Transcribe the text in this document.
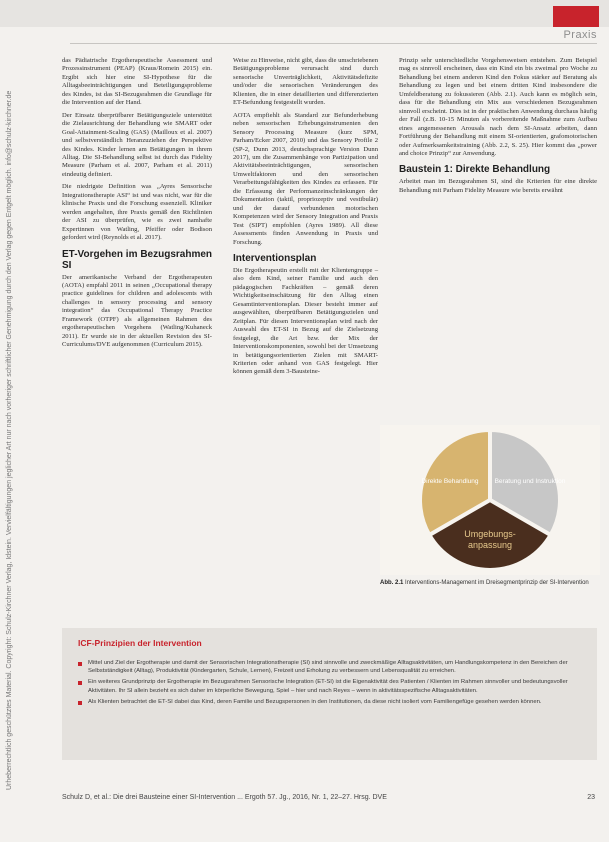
Praxis
Urheberrechtlich geschütztes Material. Copyright: Schulz-Kirchner Verlag, Idstein. Vervielfältigungen jeglicher Art nur nach vorheriger schriftlicher Genehmigung durch den Verlag gegen Entgelt möglich. info@schulz-kirchner.de

das Pädiatrische Ergotherapeutische Assessment und Prozessinstrument (PEAP) (Kraus/Romein 2015) ein. Ergibt sich hier eine SI-Hypothese für die Alltagsbeeinträchtigungen und Beteiligungsprobleme des Kindes, ist das SI-Bezugsrahmen die Grundlage für die Intervention auf der Hand.

Der Einsatz überprüfbarer Betätigungsziele unterstützt die Zielausrichtung der Behandlung wie SMART oder Goal-Attainment-Scaling (GAS) (Mailloux et al. 2007) und selbstverständlich Heranzuziehen der Perspektive des Kindes. Kinder lernen am Betätigungen in ihrem Alltag. Die SI-Behandlung selbst ist durch das Fidelity Measure (Parham et al. 2007, Parham et al. 2011) eindeutig definiert.

Die niedrigste Definition was „Ayres Sensorische Integrationstherapie ASI“ ist und was nicht, war für die klinische Praxis und die Forschung essenziell. Kliniker werden angehalten, ihre Praxis gemäß den Richtlinien der ASI zu überprüfen, wie es zwei namhafte Expertinnen von Watling, Pfeiffer oder Bodison gefordert wird (Reynolds et al. 2017).

ET-Vorgehen im Bezugsrahmen SI

Der amerikanische Verband der Ergotherapeuten (AOTA) empfahl 2011 in seinen „Occupational therapy practice guidelines for children and adolescents with challenges in sensory processing and sensory integration“ das Occupational Therapy Practice Framework (OTPF) als allgemeinen Rahmen des ergotherapeutischen Vorgehens (Watling/Kuhaneck 2011). Er wurde sie in der aktuellen Revision des SI-Curriculums/DVE aufgenommen (Curriculum 2015).

Weise zu Hinweise, nicht gibt, dass die umschriebenen Betätigungsprobleme verursacht sind durch sensorische Unverträglichkeit, Aktivitätsdefizite und/oder die sensorischen Veränderungen des Klienten, die in einer detaillierten und differenzierten ET-Befundung festgestellt wurden.

AOTA empfiehlt als Standard zur Befunderhebung neben sensorischen Erhebungsinstrumenten den Sensory Processing Measure (kurz SPM, Parham/Ecker 2007, 2010) und das Sensory Profile 2 (SP-2, Dunn 2013, deutschsprachige Version Dunn 2017), um die Zusammenhänge von Partizipation und Aktivitätsbeeinträchtigungen, sensorischen Umweltfaktoren und den sensorischen Verarbeitungsfähigkeiten des Kindes zu erfassen. Für die Erfassung der Performanzeinschränkungen der Dokumentation (taktil, propriozeptiv und vestibulär) und der darauf verbundenen motorischen Kompetenzen wird der Sensory Integration and Praxis Test (SIPT) empfohlen (Ayres 1989). All diese Assessments finden Anwendung in Praxis und Forschung.

Interventionsplan

Die Ergotherapeutin erstellt mit der Klientengruppe – also dem Kind, seiner Familie und auch den pädagogischen Fachkräften – gemäß deren Wichtigkeitseinschätzung für den Alltag einen Gesamtinterventionsplan. Dieser besteht immer auf ausgewählten, überprüfbaren Betätigungszielen und Zeitplan. Für diesen Interventionsplan wird nach der Auswahl des ET-SI in Bezug auf die Zielsetzung festgelegt, die Art bzw. der Mix der Interventionskomponenten, sowohl bei der Umsetzung in betätigungsorientierten Zielen mit SMART-Kriterien oder anhand von GAS festgelegt. Hier können gemäß dem 3-Bausteine-

Prinzip sehr unterschiedliche Vorgehensweisen entstehen. Zum Beispiel mag es sinnvoll erscheinen, dass ein Kind ein bis zweimal pro Woche zu Behandlung bei einem anderen Kind den Fokus stärker auf Beratung als Behandlung zu legen und bei einem dritten Kind insbesondere die Umfeldberatung zu fokussieren (Abb. 2.1). Auch kann es möglich sein, dass für die Behandlung ein Mix aus verschiedenen Bezugsrahmen sinnvoll erscheint. Dies ist in der praktischen Anwendung durchaus häufig der Fall (z.B. 10-15 Minuten als vorbereitende Maßnahme zum Aufbau eines angemessenen Arousals nach dem SI-Ansatz arbeiten, dann Fortführung der Behandlung mit einem SI-orientierten, grafomotorischen oder Aufmerksamkeitstraining (Abb. 2.2, S. 25). Hier kommt das „power and choice Prinzip“ zur Anwendung.

Baustein 1: Direkte Behandlung

Arbeitet man im Bezugsrahmen SI, sind die Kriterien für eine direkte Behandlung mit Parham Fidelity Measure wie bereits erwähnt

Direkte Behandlung Beratung und Instruktion
Umgebungs-
anpassung
Abb. 2.1 Interventions-Management im Dreisegmentprinzip der SI-Intervention
ICF-Prinzipien der Intervention
Mittel und Ziel der Ergotherapie und damit der Sensorischen Integrationstherapie (SI) sind sinnvolle und zweckmäßige Alltagsaktivitäten, um Handlungskompetenz in den Bereichen der Selbstständigkeit (Alltag), Produktivität (Kindergarten, Schule, Lernen), Freizeit und Erholung zu verbessern und Lebensqualität zu erreichen.
Ein weiteres Grundprinzip der Ergotherapie im Bezugsrahmen Sensorische Integration (ET-SI) ist die Eigenaktivität des Patienten / Klienten im Rahmen sinnvoller und bedeutungsvoller Aktivitäten. Ihr SI allein bezieht es sich daher im körperliche Bewegung, Spiel – hier und nach Reyes – wenn in aktivitätsspezifische Alltagsaktivitäten.
Als Klienten betrachtet die ET-SI dabei das Kind, deren Familie und Bezugspersonen in den Institutionen, da diese nicht isoliert vom Familiengefüge gesehen werden können.
Schulz D, et al.: Die drei Bausteine einer SI-Intervention ... Ergoth 57. Jg., 2016, Nr. 1, 22–27. Hrsg. DVE	23
